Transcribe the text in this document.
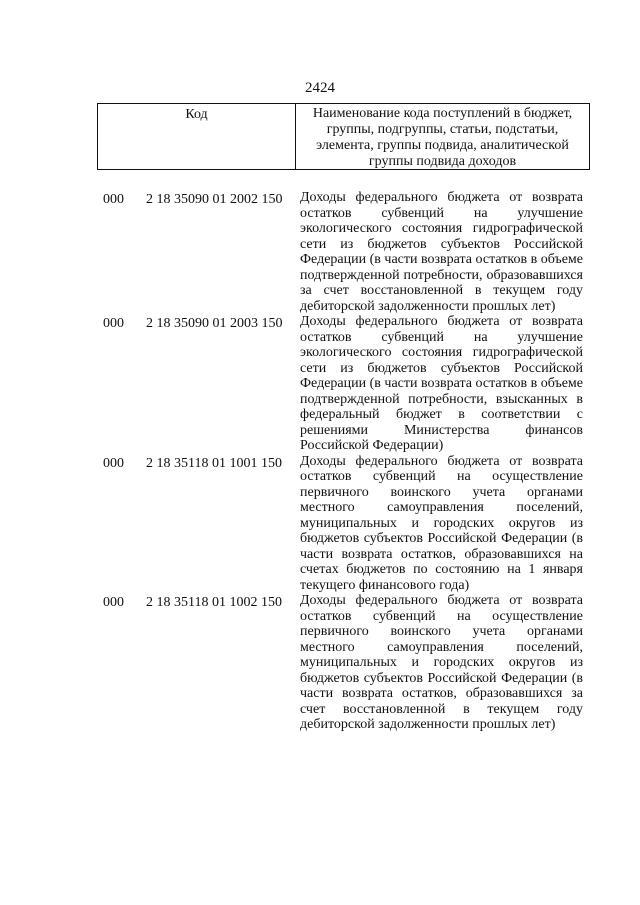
2424
Код	Наименование кода поступлений в бюджет, группы, подгруппы, статьи, подстатьи, элемента, группы подвида, аналитической группы подвида доходов
000 2 18 35090 01 2002 150 Доходы федерального бюджета от возврата остатков субвенций на улучшение экологического состояния гидрографической сети из бюджетов субъектов Российской Федерации (в части возврата остатков в объеме подтвержденной потребности, образовавшихся за счет восстановленной в текущем году дебиторской задолженности прошлых лет)
000 2 18 35090 01 2003 150 Доходы федерального бюджета от возврата остатков субвенций на улучшение экологического состояния гидрографической сети из бюджетов субъектов Российской Федерации (в части возврата остатков в объеме подтвержденной потребности, взысканных в федеральный бюджет в соответствии с решениями Министерства финансов Российской Федерации)
000 2 18 35118 01 1001 150 Доходы федерального бюджета от возврата остатков субвенций на осуществление первичного воинского учета органами местного самоуправления поселений, муниципальных и городских округов из бюджетов субъектов Российской Федерации (в части возврата остатков, образовавшихся на счетах бюджетов по состоянию на 1 января текущего финансового года)
000 2 18 35118 01 1002 150 Доходы федерального бюджета от возврата остатков субвенций на осуществление первичного воинского учета органами местного самоуправления поселений, муниципальных и городских округов из бюджетов субъектов Российской Федерации (в части возврата остатков, образовавшихся за счет восстановленной в текущем году дебиторской задолженности прошлых лет)
